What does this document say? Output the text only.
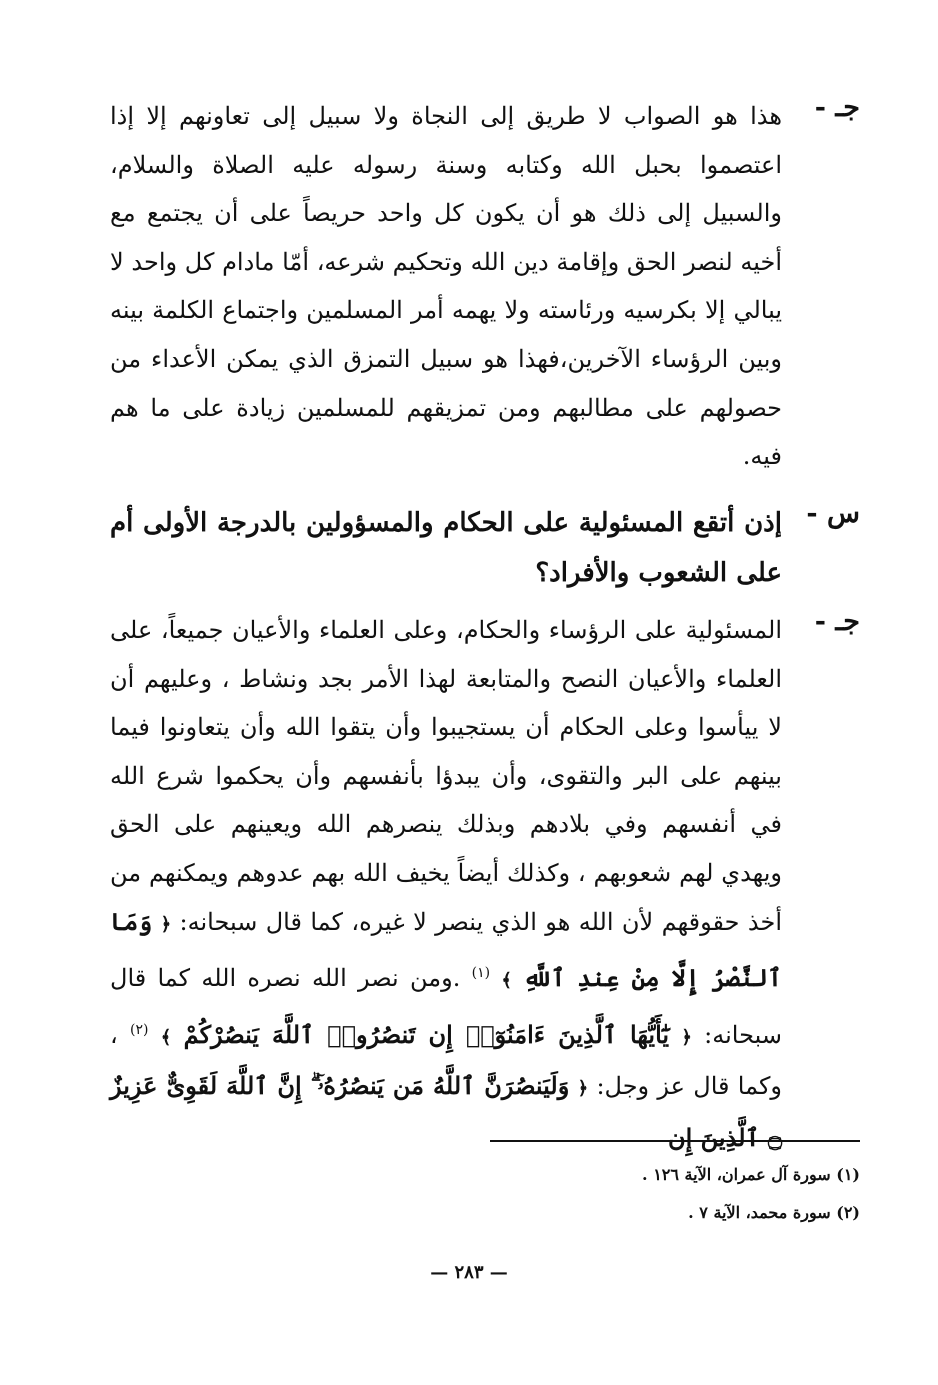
جـ -

هذا هو الصواب لا طريق إلى النجاة ولا سبيل إلى تعاونهم إلا إذا اعتصموا بحبل الله وكتابه وسنة رسوله عليه الصلاة والسلام، والسبيل إلى ذلك هو أن يكون كل واحد حريصاً على أن يجتمع مع أخيه لنصر الحق وإقامة دين الله وتحكيم شرعه، أمّا مادام كل واحد لا يبالي إلا بكرسيه ورئاسته ولا يهمه أمر المسلمين واجتماع الكلمة بينه وبين الرؤساء الآخرين،فهذا هو سبيل التمزق الذي يمكن الأعداء من حصولهم على مطالبهم ومن تمزيقهم للمسلمين زيادة على ما هم فيه.

س -

إذن أتقع المسئولية على الحكام والمسؤولين بالدرجة الأولى أم على الشعوب والأفراد؟

جـ -

المسئولية على الرؤساء والحكام، وعلى العلماء والأعيان جميعاً، على العلماء والأعيان النصح والمتابعة لهذا الأمر بجد ونشاط ، وعليهم أن لا ييأسوا وعلى الحكام أن يستجيبوا وأن يتقوا الله وأن يتعاونوا فيما بينهم على البر والتقوى، وأن يبدؤا بأنفسهم وأن يحكموا شرع الله في أنفسهم وفي بلادهم وبذلك ينصرهم الله ويعينهم على الحق ويهدي لهم شعوبهم ، وكذلك أيضاً يخيف الله بهم عدوهم ويمكنهم من أخذ حقوقهم لأن الله هو الذي ينصر لا غيره، كما قال سبحانه: ﴿ وَمَا ٱلنَّصْرُ إِلَّا مِنْ عِندِ ٱللَّهِ ﴾ $^{(١)}$ .ومن نصر الله نصره الله كما قال سبحانه: ﴿ يَٰٓأَيُّهَا ٱلَّذِينَ ءَامَنُوٓا۟ إِن تَنصُرُوا۟ ٱللَّهَ يَنصُرْكُمْ ﴾ $^{(٢)}$ ، وكما قال عز وجل: ﴿ وَلَيَنصُرَنَّ ٱللَّهُ مَن يَنصُرُهُۥٓ ۗ إِنَّ ٱللَّهَ لَقَوِىٌّ عَزِيزٌ ۝ ٱلَّذِينَ إِن

(١) سورة آل عمران، الآية ١٢٦ .
(٢) سورة محمد، الآية ٧ .
— ٢٨٣ —
